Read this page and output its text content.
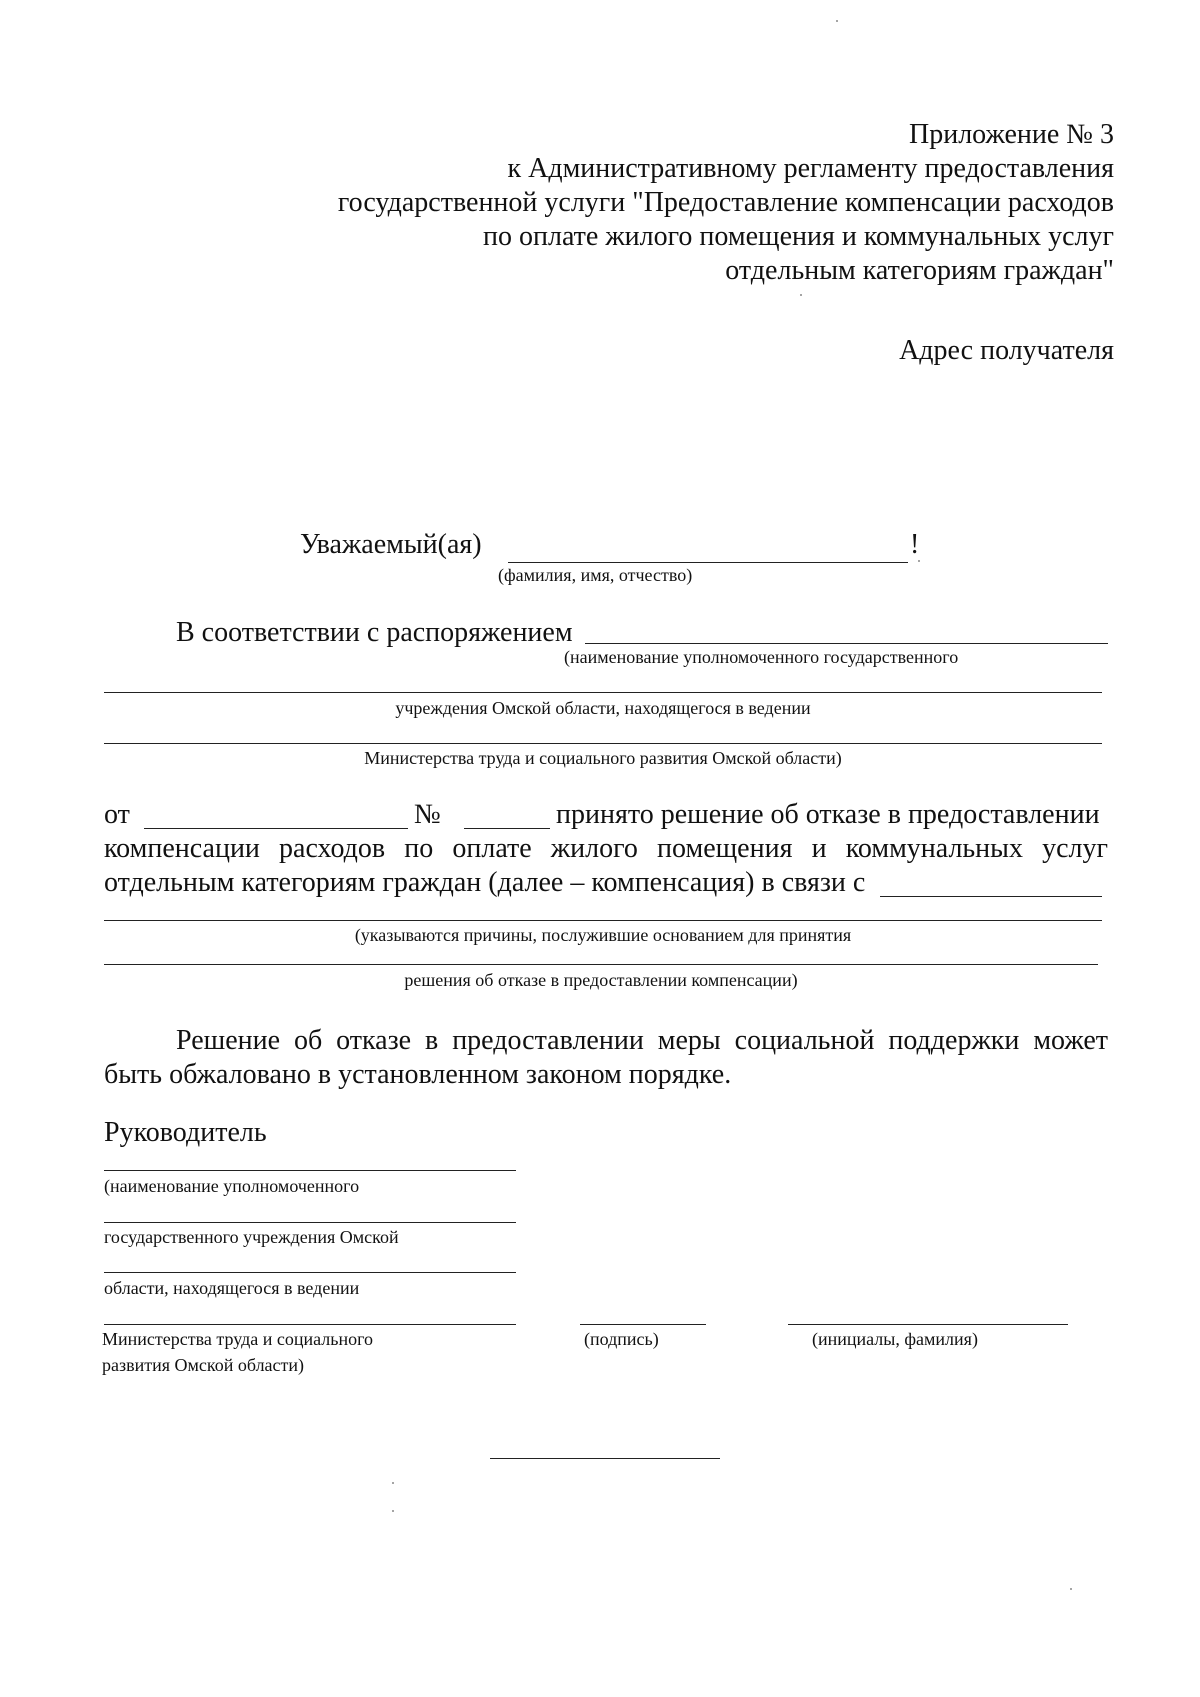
Приложение № 3
к Административному регламенту предоставления
государственной услуги "Предоставление компенсации расходов
по оплате жилого помещения и коммунальных услуг
отдельным категориям граждан"
Адрес получателя
Уважаемый(ая)	!
(фамилия, имя, отчество)
В соответствии с распоряжением
(наименование уполномоченного государственного
учреждения Омской области, находящегося в ведении
Министерства труда и социального развития Омской области)
от	№	принято решение об отказе в предоставлении
компенсации расходов по оплате жилого помещения и коммунальных услуг
отдельным категориям граждан (далее – компенсация) в связи с
(указываются причины, послужившие основанием для принятия
решения об отказе в предоставлении компенсации)
Решение об отказе в предоставлении меры социальной поддержки может
быть обжаловано в установленном законом порядке.
Руководитель
(наименование уполномоченного
государственного учреждения Омской
области, находящегося в ведении
Министерства труда и социального
развития Омской области)
(подпись)	(инициалы, фамилия)
